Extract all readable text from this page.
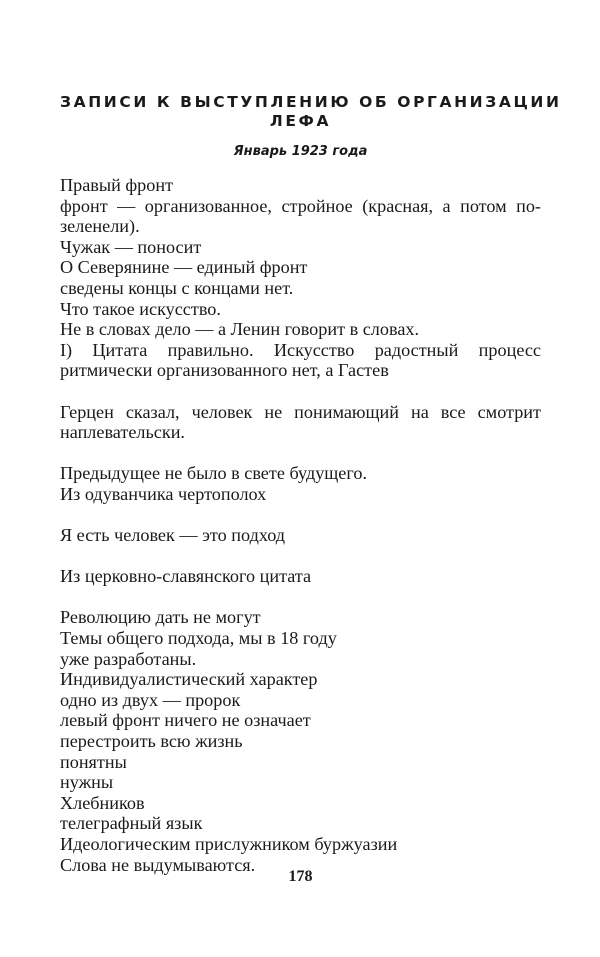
ЗАПИСИ К ВЫСТУПЛЕНИЮ ОБ ОРГАНИЗАЦИИ
ЛЕФА
Январь 1923 года
Правый фронт
фронт — организованное, стройное (красная, а потом по-
зеленели).
Чужак — поносит
О Северянине — единый фронт
сведены концы с концами нет.
Что такое искусство.
Не в словах дело — а Ленин говорит в словах.
I) Цитата правильно. Искусство радостный процесс
ритмически организованного нет, а Гастев
Герцен сказал, человек не понимающий на все смотрит
наплевательски.
Предыдущее не было в свете будущего.
Из одуванчика чертополох
Я есть человек — это подход
Из церковно-славянского цитата
Революцию дать не могут
Темы общего подхода, мы в 18 году
уже разработаны.
Индивидуалистический характер
одно из двух — пророк
левый фронт ничего не означает
перестроить всю жизнь
понятны
нужны
Хлебников
телеграфный язык
Идеологическим прислужником буржуазии
Слова не выдумываются.
178
